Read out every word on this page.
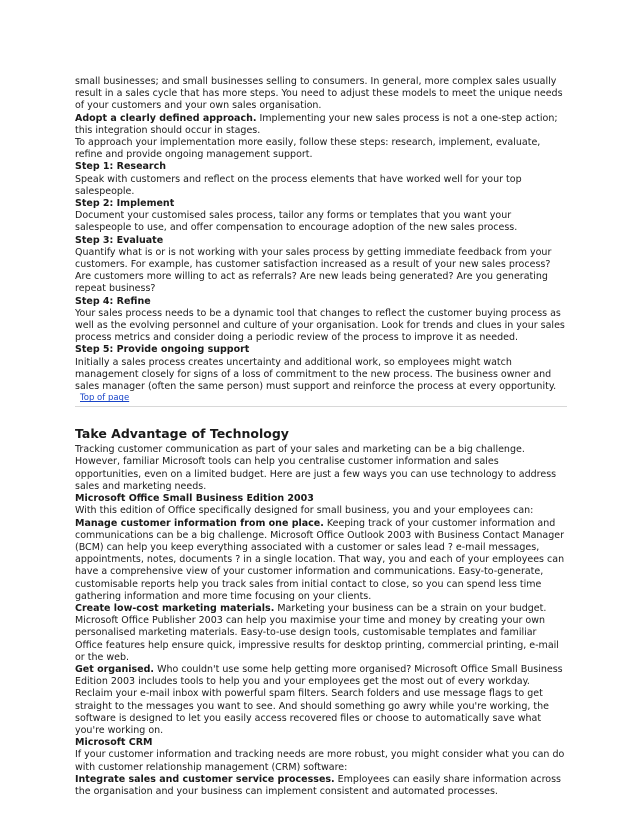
small businesses; and small businesses selling to consumers. In general, more complex sales usually result in a sales cycle that has more steps. You need to adjust these models to meet the unique needs of your customers and your own sales organisation.

Adopt a clearly defined approach. Implementing your new sales process is not a one-step action; this integration should occur in stages.

To approach your implementation more easily, follow these steps: research, implement, evaluate, refine and provide ongoing management support.

Step 1: Research

Speak with customers and reflect on the process elements that have worked well for your top salespeople.

Step 2: Implement

Document your customised sales process, tailor any forms or templates that you want your salespeople to use, and offer compensation to encourage adoption of the new sales process.

Step 3: Evaluate

Quantify what is or is not working with your sales process by getting immediate feedback from your customers. For example, has customer satisfaction increased as a result of your new sales process? Are customers more willing to act as referrals? Are new leads being generated? Are you generating repeat business?

Step 4: Refine

Your sales process needs to be a dynamic tool that changes to reflect the customer buying process as well as the evolving personnel and culture of your organisation. Look for trends and clues in your sales process metrics and consider doing a periodic review of the process to improve it as needed.

Step 5: Provide ongoing support

Initially a sales process creates uncertainty and additional work, so employees might watch management closely for signs of a loss of commitment to the new process. The business owner and sales manager (often the same person) must support and reinforce the process at every opportunity.

Top of page
Take Advantage of Technology

Tracking customer communication as part of your sales and marketing can be a big challenge. However, familiar Microsoft tools can help you centralise customer information and sales opportunities, even on a limited budget. Here are just a few ways you can use technology to address sales and marketing needs.

Microsoft Office Small Business Edition 2003

With this edition of Office specifically designed for small business, you and your employees can:

Manage customer information from one place. Keeping track of your customer information and communications can be a big challenge. Microsoft Office Outlook 2003 with Business Contact Manager (BCM) can help you keep everything associated with a customer or sales lead ? e-mail messages, appointments, notes, documents ? in a single location. That way, you and each of your employees can have a comprehensive view of your customer information and communications. Easy-to-generate, customisable reports help you track sales from initial contact to close, so you can spend less time gathering information and more time focusing on your clients.

Create low-cost marketing materials. Marketing your business can be a strain on your budget. Microsoft Office Publisher 2003 can help you maximise your time and money by creating your own personalised marketing materials. Easy-to-use design tools, customisable templates and familiar Office features help ensure quick, impressive results for desktop printing, commercial printing, e-mail or the web.

Get organised. Who couldn't use some help getting more organised? Microsoft Office Small Business Edition 2003 includes tools to help you and your employees get the most out of every workday. Reclaim your e-mail inbox with powerful spam filters. Search folders and use message flags to get straight to the messages you want to see. And should something go awry while you're working, the software is designed to let you easily access recovered files or choose to automatically save what you're working on.

Microsoft CRM

If your customer information and tracking needs are more robust, you might consider what you can do with customer relationship management (CRM) software:

Integrate sales and customer service processes. Employees can easily share information across the organisation and your business can implement consistent and automated processes.
